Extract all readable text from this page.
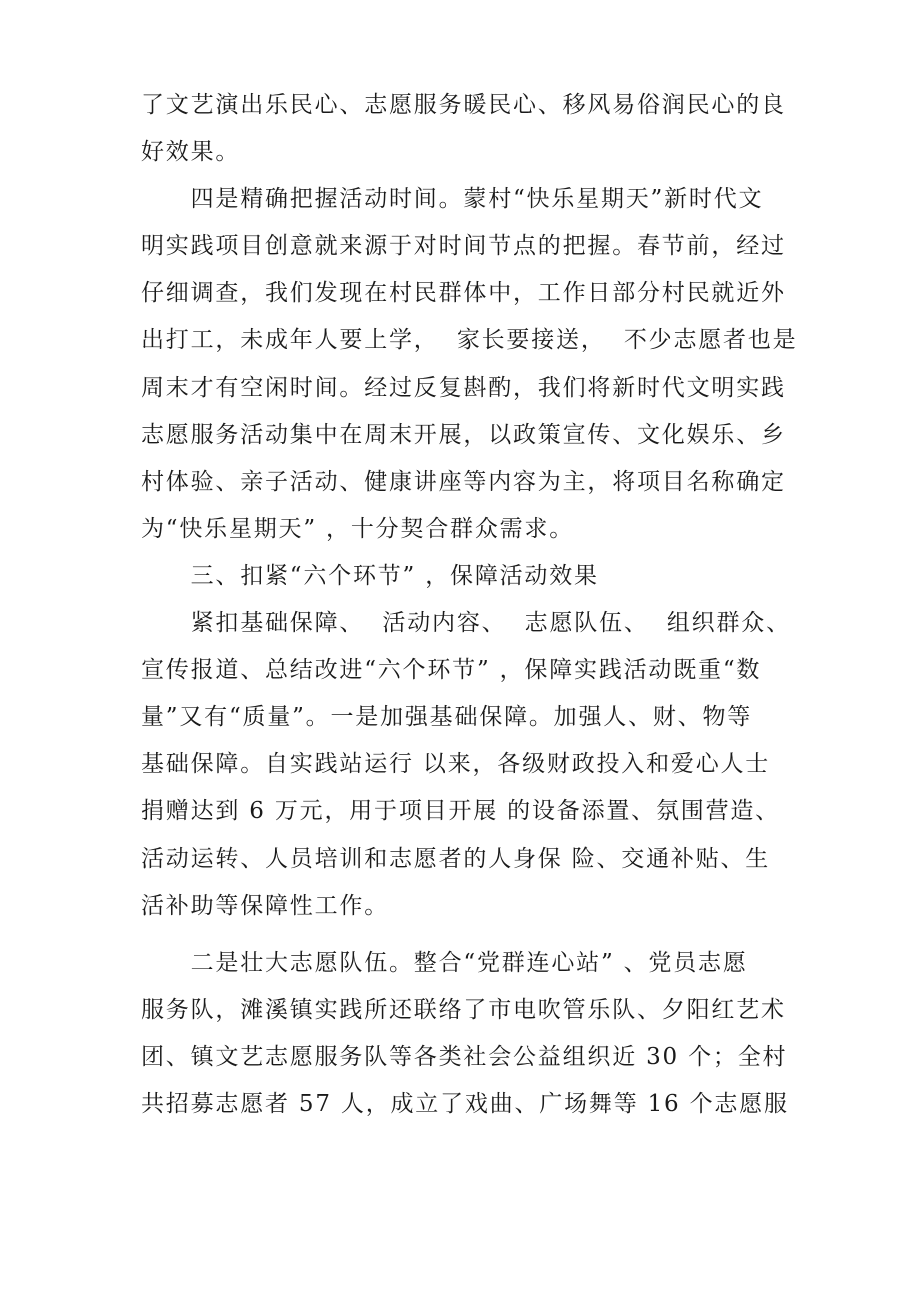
了文艺演出乐民心、志愿服务暖民心、移风易俗润民心的良
好效果。
　　四是精确把握活动时间。蒙村“快乐星期天”新时代文
明实践项目创意就来源于对时间节点的把握。春节前，经过
仔细调查，我们发现在村民群体中，工作日部分村民就近外
出打工，未成年人要上学，  家长要接送，  不少志愿者也是
周末才有空闲时间。经过反复斟酌，我们将新时代文明实践
志愿服务活动集中在周末开展，以政策宣传、文化娱乐、乡
村体验、亲子活动、健康讲座等内容为主，将项目名称确定
为“快乐星期天” ，十分契合群众需求。
　　三、扣紧“六个环节” ，保障活动效果
　　紧扣基础保障、  活动内容、  志愿队伍、  组织群众、
宣传报道、总结改进“六个环节” ，保障实践活动既重“数
量”又有“质量”。一是加强基础保障。加强人、财、物等
基础保障。自实践站运行 以来，各级财政投入和爱心人士
捐赠达到 6 万元，用于项目开展 的设备添置、氛围营造、
活动运转、人员培训和志愿者的人身保 险、交通补贴、生
活补助等保障性工作。
　　二是壮大志愿队伍。整合“党群连心站” 、党员志愿
服务队，滩溪镇实践所还联络了市电吹管乐队、夕阳红艺术
团、镇文艺志愿服务队等各类社会公益组织近 30 个；全村
共招募志愿者 57 人，成立了戏曲、广场舞等 16 个志愿服
